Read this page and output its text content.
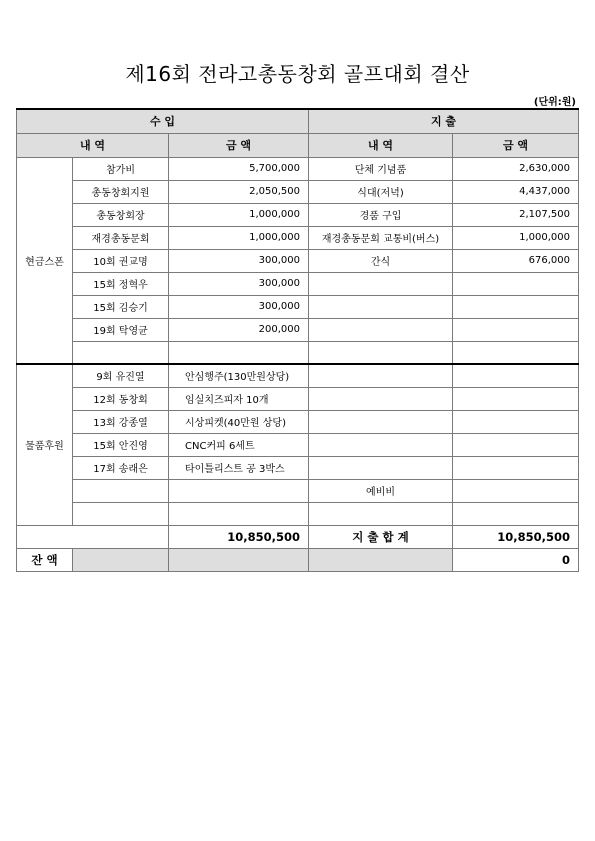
제16회 전라고총동창회 골프대회 결산
(단위:원)
수 입			지 출	
내 역		금 액	내 역	금 액
현금스폰	참가비	5,700,000	단체 기념품	2,630,000
	총동창회지원	2,050,500	식대(저녁)	4,437,000
	총동창회장	1,000,000	경품 구입	2,107,500
	재경총동문회	1,000,000	재경총동문회 교통비(버스)	1,000,000
	10회 권교명	300,000	간식	676,000
	15회 정혁우	300,000		
	15회 김승기	300,000		
	19회 탁영균	200,000		

물품후원	9회 유진열	안심행주(130만원상당)		
	12회 동창회	임실치즈피자 10개		
	13회 강종열	시상피켓(40만원 상당)		
	15회 안진영	CNC커피 6세트		
	17회 송래은	타이틀리스트 공 3박스		
			예비비	

		10,850,500	지 출 합 계	10,850,500
잔 액				0
